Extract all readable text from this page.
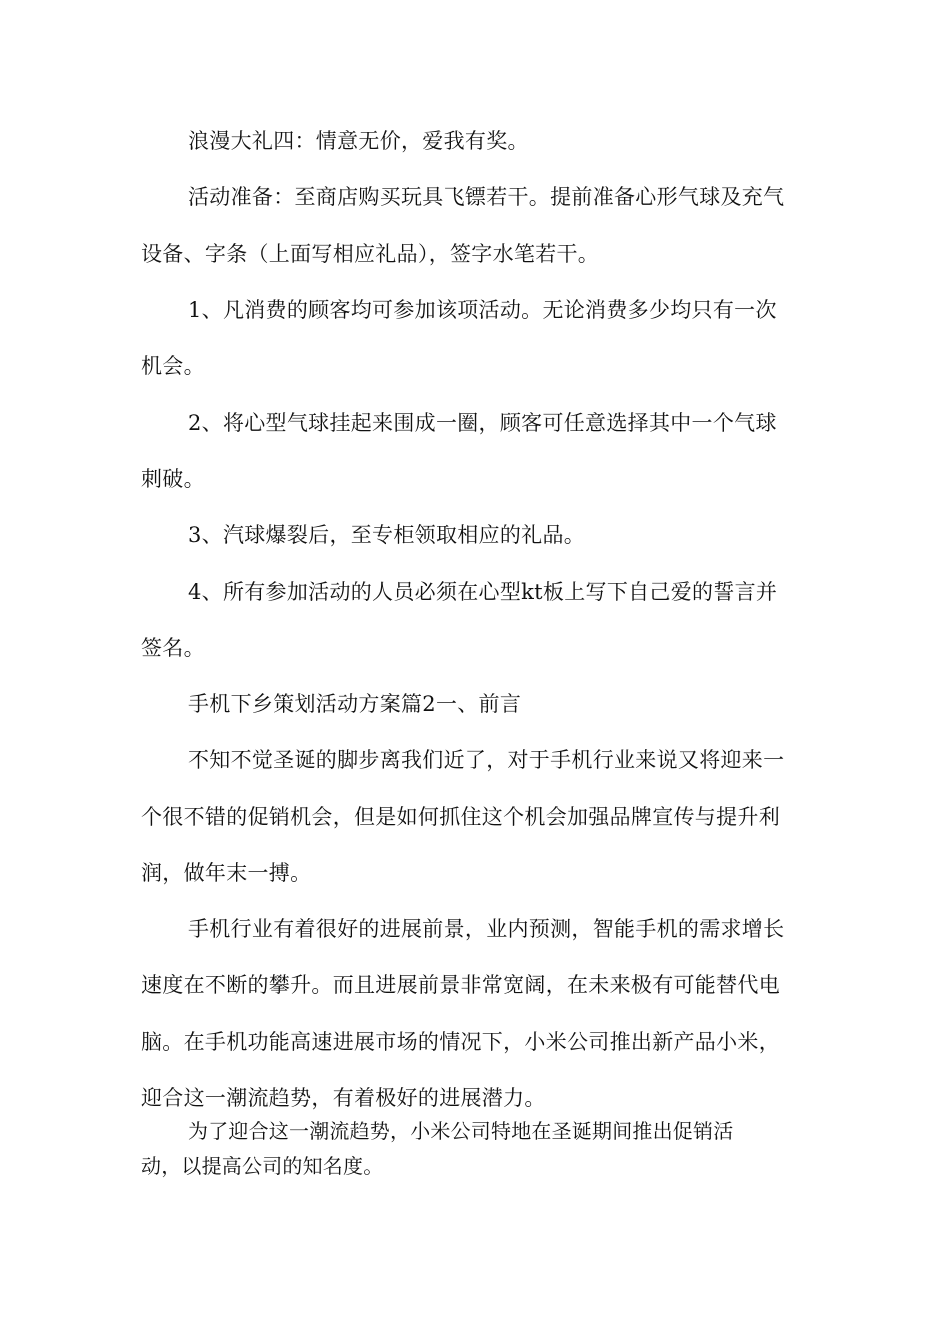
浪漫大礼四：情意无价，爱我有奖。
活动准备：至商店购买玩具飞镖若干。提前准备心形气球及充气
设备、字条（上面写相应礼品），签字水笔若干。
1、凡消费的顾客均可参加该项活动。无论消费多少均只有一次
机会。
2、将心型气球挂起来围成一圈，顾客可任意选择其中一个气球
刺破。
3、汽球爆裂后，至专柜领取相应的礼品。
4、所有参加活动的人员必须在心型kt板上写下自己爱的誓言并
签名。
手机下乡策划活动方案篇2一、前言
不知不觉圣诞的脚步离我们近了，对于手机行业来说又将迎来一
个很不错的促销机会，但是如何抓住这个机会加强品牌宣传与提升利
润，做年末一搏。
手机行业有着很好的进展前景，业内预测，智能手机的需求增长
速度在不断的攀升。而且进展前景非常宽阔，在未来极有可能替代电
脑。在手机功能高速进展市场的情况下，小米公司推出新产品小米，
迎合这一潮流趋势，有着极好的进展潜力。
为了迎合这一潮流趋势，小米公司特地在圣诞期间推出促销活
动，以提高公司的知名度。
